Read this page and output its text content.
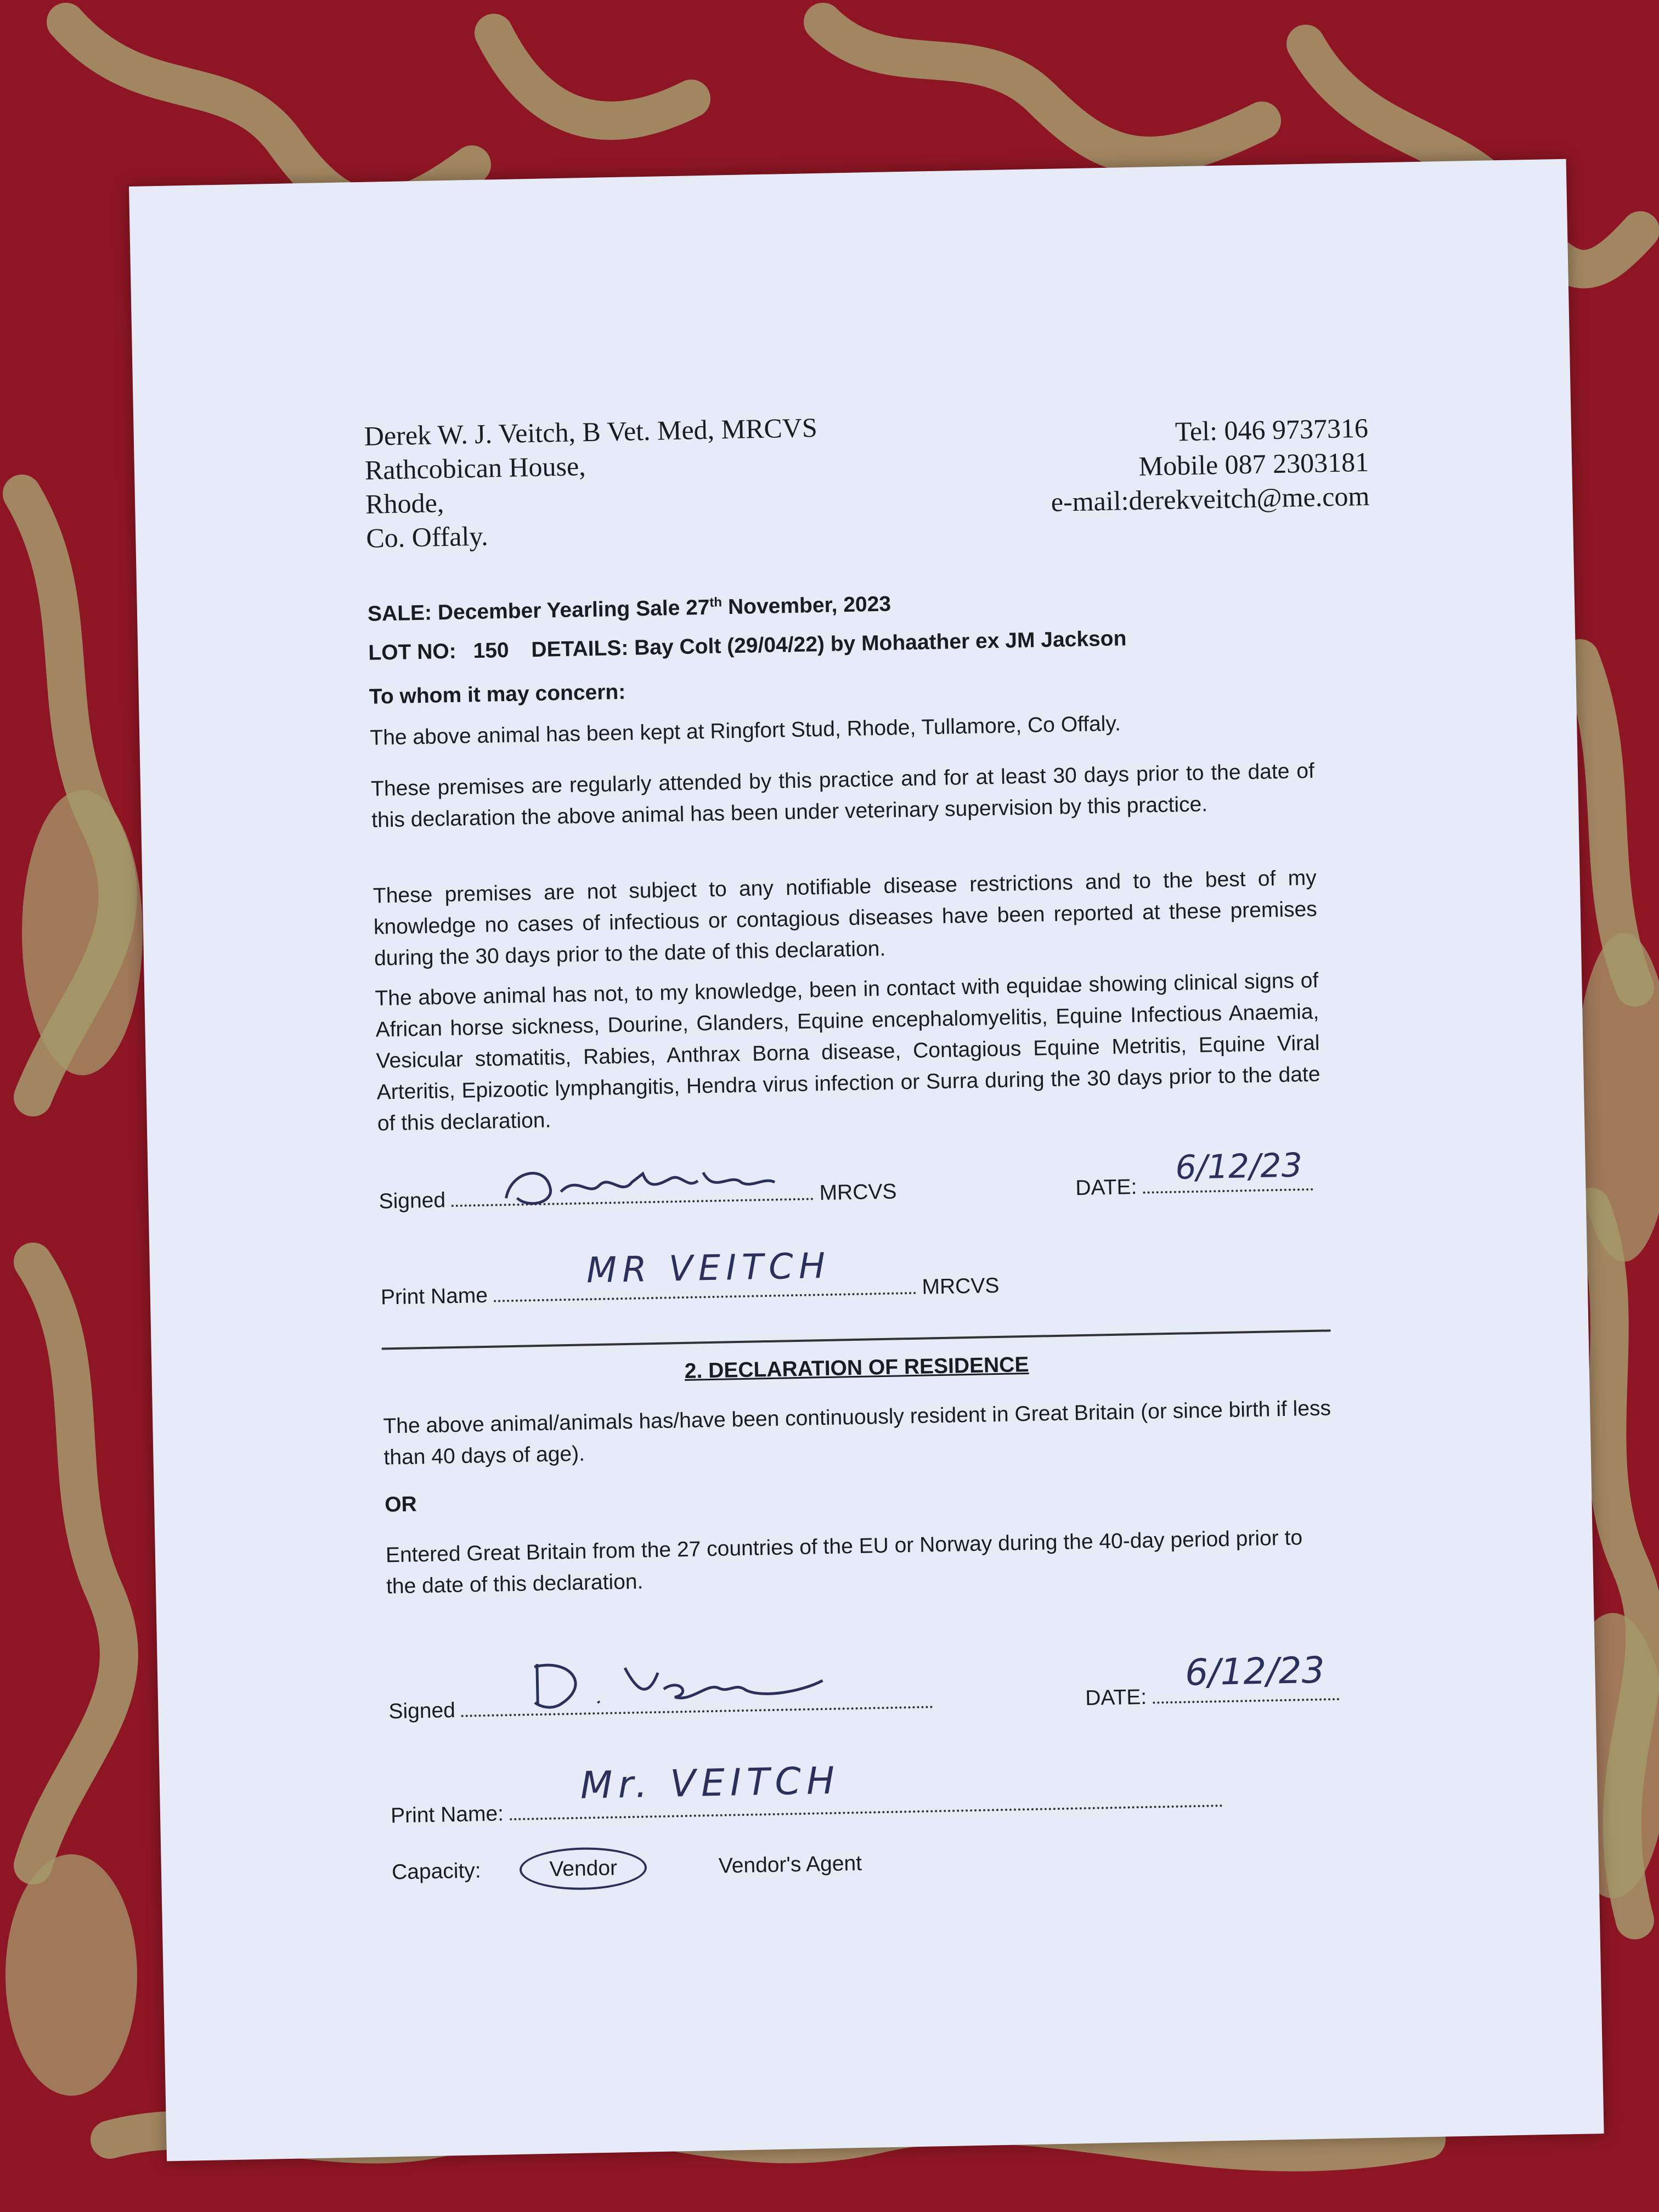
Derek W. J. Veitch, B Vet. Med, MRCVS
Rathcobican House,
Rhode,
Co. Offaly.
Tel: 046 9737316
Mobile 087 2303181
e-mail:derekveitch@me.com
SALE: December Yearling Sale 27th November, 2023
LOT NO: 150 DETAILS: Bay Colt (29/04/22) by Mohaather ex JM Jackson
To whom it may concern:
The above animal has been kept at Ringfort Stud, Rhode, Tullamore, Co Offaly.
These premises are regularly attended by this practice and for at least 30 days prior to the date of this declaration the above animal has been under veterinary supervision by this practice.
These premises are not subject to any notifiable disease restrictions and to the best of my knowledge no cases of infectious or contagious diseases have been reported at these premises during the 30 days prior to the date of this declaration.
The above animal has not, to my knowledge, been in contact with equidae showing clinical signs of African horse sickness, Dourine, Glanders, Equine encephalomyelitis, Equine Infectious Anaemia, Vesicular stomatitis, Rabies, Anthrax Borna disease, Contagious Equine Metritis, Equine Viral Arteritis, Epizootic lymphangitis, Hendra virus infection or Surra during the 30 days prior to the date of this declaration.
Signed	MRCVS	DATE:
6/12/23
Print Name
MR VEITCH	MRCVS
2. DECLARATION OF RESIDENCE
The above animal/animals has/have been continuously resident in Great Britain (or since birth if less than 40 days of age).
OR
Entered Great Britain from the 27 countries of the EU or Norway during the 40-day period prior to the date of this declaration.
Signed
DATE:
6/12/23
Print Name:
Mr. VEITCH
Capacity:	Vendor	Vendor's Agent
